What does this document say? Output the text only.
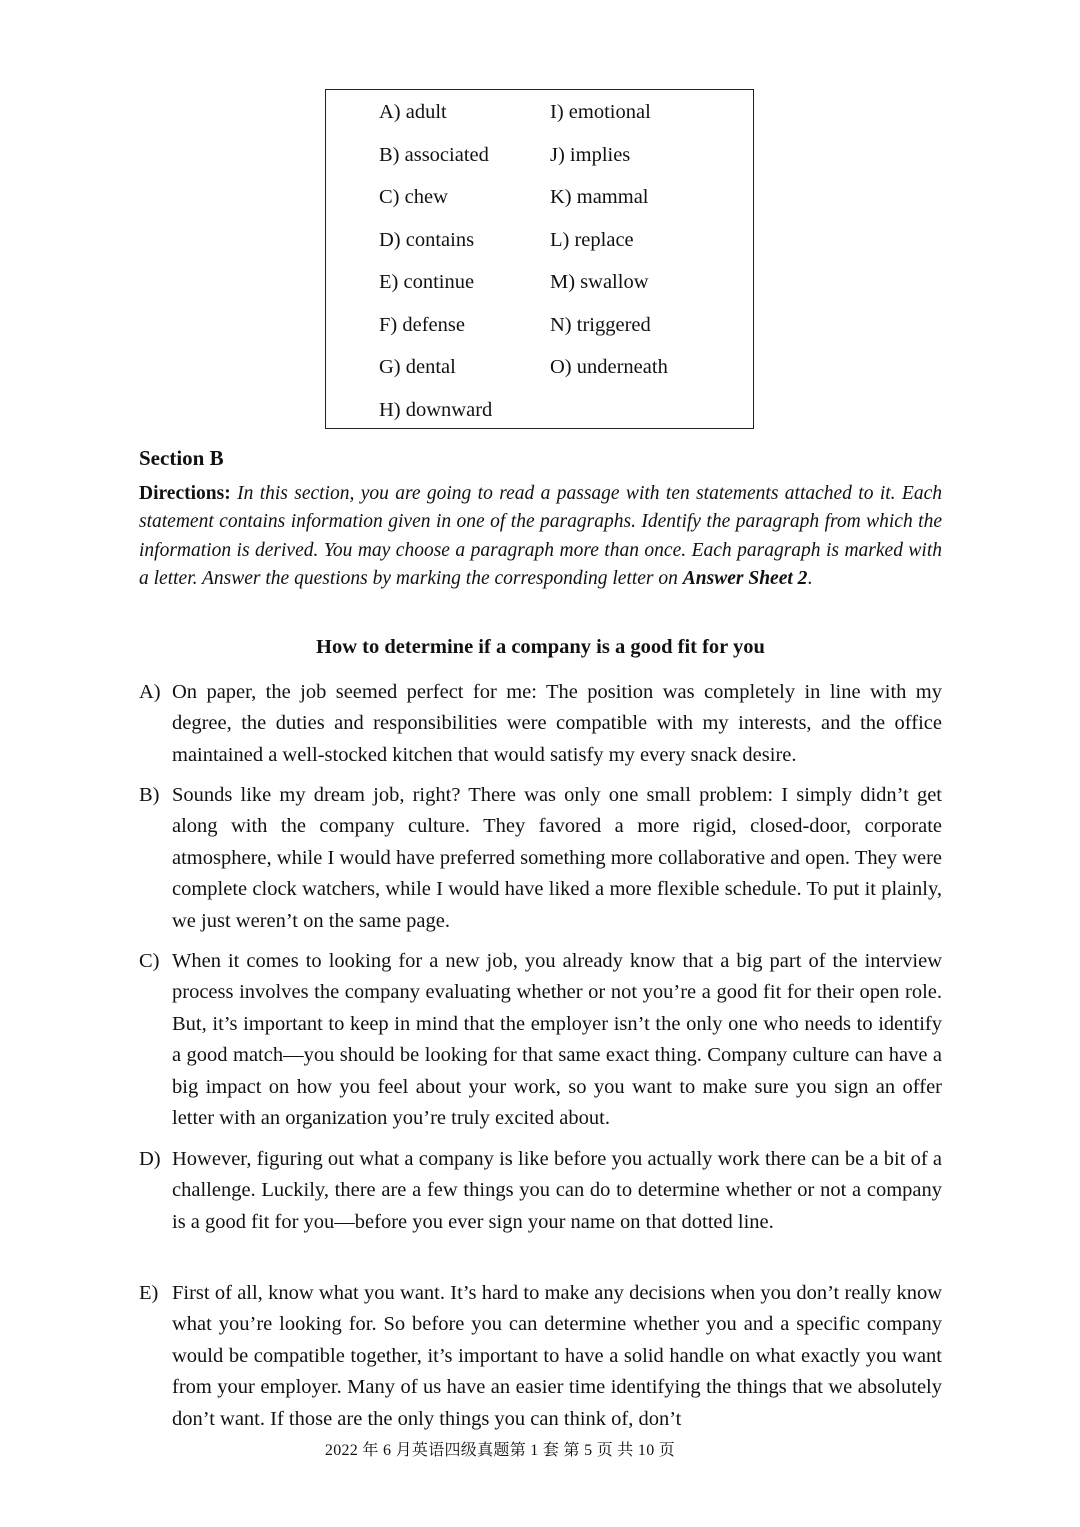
A) adult
B) associated
C) chew
D) contains
E) continue
F) defense
G) dental
H) downward
I) emotional
J) implies
K) mammal
L) replace
M) swallow
N) triggered
O) underneath
Section B
Directions: In this section, you are going to read a passage with ten statements attached to it. Each statement contains information given in one of the paragraphs. Identify the paragraph from which the information is derived. You may choose a paragraph more than once. Each paragraph is marked with a letter. Answer the questions by marking the corresponding letter on Answer Sheet 2.
How to determine if a company is a good fit for you
A) On paper, the job seemed perfect for me: The position was completely in line with my degree, the duties and responsibilities were compatible with my interests, and the office maintained a well-stocked kitchen that would satisfy my every snack desire.
B) Sounds like my dream job, right? There was only one small problem: I simply didn’t get along with the company culture. They favored a more rigid, closed-door, corporate atmosphere, while I would have preferred something more collaborative and open. They were complete clock watchers, while I would have liked a more flexible schedule. To put it plainly, we just weren’t on the same page.
C) When it comes to looking for a new job, you already know that a big part of the interview process involves the company evaluating whether or not you’re a good fit for their open role. But, it’s important to keep in mind that the employer isn’t the only one who needs to identify a good match—you should be looking for that same exact thing. Company culture can have a big impact on how you feel about your work, so you want to make sure you sign an offer letter with an organization you’re truly excited about.
D) However, figuring out what a company is like before you actually work there can be a bit of a challenge. Luckily, there are a few things you can do to determine whether or not a company is a good fit for you—before you ever sign your name on that dotted line.
E) First of all, know what you want. It’s hard to make any decisions when you don’t really know what you’re looking for. So before you can determine whether you and a specific company would be compatible together, it’s important to have a solid handle on what exactly you want from your employer. Many of us have an easier time identifying the things that we absolutely don’t want. If those are the only things you can think of, don’t
2022 年 6 月英语四级真题第 1 套 第 5 页 共 10 页
